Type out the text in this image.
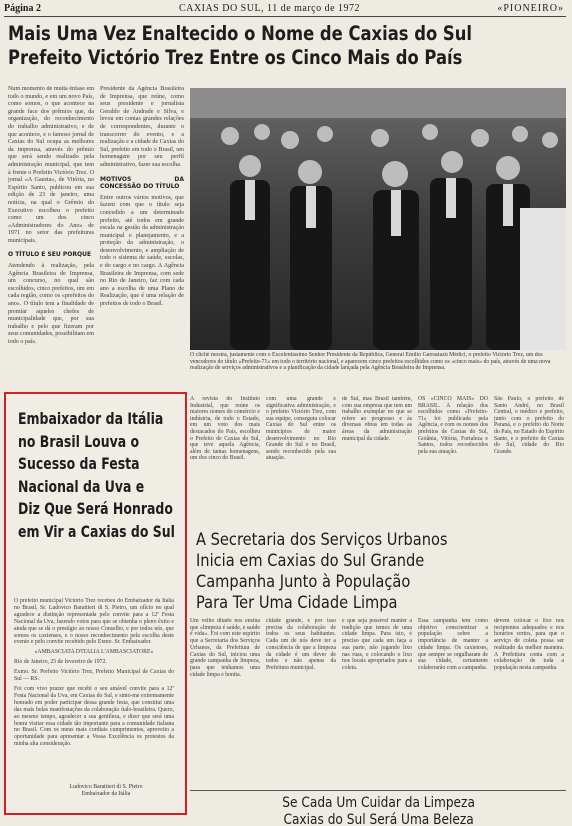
Página 2	CAXIAS DO SUL, 11 de março de 1972	«PIONEIRO»
Mais Uma Vez Enaltecido o Nome de Caxias do Sul
Prefeito Victório Trez Entre os Cinco Mais do País
Num momento de muita ênfase em todo o mundo, e em um novo País, como somos, o que acontece na grande face dos prêmios que, da organização, do reconhecimento do trabalho administrativo, e de que acontece, e o famoso jornal de Caxias do Sul ocupa as melhores da imprensa, através do prêmio que será sendo realizado pela administração municipal, que tem à frente o Prefeito Victório Trez. O jornal «A Gazeta», de Vitória, no Espírito Santo, publicou em sua edição de 23 de janeiro, uma notícia, na qual o Grêmio do Executivo escolheu o prefeito como um dos cinco «Administradores do Ano» de 1971 no setor das prefeituras municipais.
O TÍTULO E SEU PORQUE
Atendendo à realização, pela Agência Brasileira de Imprensa, um concurso, no qual são escolhidos, cinco prefeitos, um em cada região, como os «prefeitos do ano». O título tem a finalidade de premiar aqueles chefes de municipalidade que, por sua trabalho e pelo que fizeram por seus comunidades, possibilitam em todo o país.
Presidente da Agência Brasileira de Imprensa, que reúne, como seus presidente e jornalista Geraldo de Andrade e Silva, e levou em contas grandes relações de correspondentes, durante o transcorrer do evento, e a realização e a cidade de Caxias do Sul, prefeito em todo o Brasil, um homenagem por seu perfil administrativo, fazer sua escolha.
MOTIVOS DA CONCESSÃO DO TÍTULO
Entre outros vários motivos, que fazem com que o título seja concedido a um determinado prefeito, até todos em grande escala na gestão da administração municipal o planejamento, e a proteção da administração, o desenvolvimento, e ampliação de todo o sistema de saúde, escolas, e do cargo e no cargo. A Agência Brasileira de Imprensa, com sede no Rio de Janeiro, faz com cada ano a escolha de uma Plano de Realização, que é uma relação de prefeitos de todo o Brasil.
O clichê mostra, justamente com o Excelentíssimo Senhor Presidente da República, General Emílio Garrastazú Médici, o prefeito Victório Trez, um dos vencedores do título «Prefeito-71» em todo o território nacional, e aparecem cinco prefeitos escolhidos como os «cinco mais» do país, através de uma nova realização de serviços administrativos e a planificação da cidade lançada pela Agência Brasileira de Imprensa.
Embaixador da Itália
no Brasil Louva o
Sucesso da Festa
Nacional da Uva e
Diz Que Será Honrado
em Vir a Caxias do Sul

O prefeito municipal Victório Trez recebeu do Embaixador da Itália no Brasil, Sr. Ludovico Barattieri di S. Pietro, um ofício no qual agradece a distinção representada pelo convite para a 12ª Festa Nacional da Uva, fazendo votos para que se obtenha o pleno êxito e ainda que se dá o prestígio ao nosso Conselho, e por todos nós, que somos os caxienses, e o nosso reconhecimento pela escolha deste evento e pelo convite recebido pelo Exmo. Sr. Embaixador.

«AMBASCIATA D'ITALIA L'AMBASCIATORE»

Rio de Janeiro, 25 de fevereiro de 1972.

Exmo. Sr. Prefeito Victório Trez, Prefeito Municipal de Caxias do Sul — RS.

Foi com vivo prazer que recebi o seu amável convite para a 12ª Festa Nacional da Uva, em Caxias do Sul, e sinto-me extremamente honrado em poder participar dessa grande festa, que constitui uma das mais belas manifestações da colaboração ítalo-brasileira. Quero, ao mesmo tempo, agradecer a sua gentileza, e dizer que será uma honra visitar essa cidade tão importante para a comunidade italiana no Brasil. Com os meus mais cordiais cumprimentos, aproveito a oportunidade para apresentar a Vossa Excelência os protestos da minha alta consideração.

Ludovico Barattieri di S. Pietro
Embaixador da Itália
A revista do Instituto Industrial, que reúne os maiores nomes do comércio e indústria, de todo o Estado, em um voto dos mais destacados do País, escolheu o Prefeito de Caxias do Sul, que teve aquela Agência, além de tantas homenagens, um dos cinco do Brasil.
com uma grande e significativa administração, e o prefeito Victório Trez, com sua equipe, conseguiu colocar Caxias do Sul entre os municípios de maior desenvolvimento no Rio Grande do Sul e no Brasil, sendo reconhecido pela sua atuação.
de Sul, mas Brasil também, com sua empresa que tem um trabalho exemplar no que se refere ao progresso e às diversas obras em todas as áreas da administração municipal da cidade.
OS «CINCO MAIS» DO BRASIL. A relação dos escolhidos como «Prefeito-71» foi publicada pela Agência, e com os nomes dos prefeitos de Caxias do Sul, Goiânia, Vitória, Fortaleza e Santos, todos reconhecidos pela sua atuação.
São Paulo, o prefeito de Santo André, no Brasil Central, o médico e prefeito, junto com o prefeito do Paraná, e o prefeito do Norte do País, no Estado do Espírito Santo, e o prefeito de Caxias do Sul, cidade do Rio Grande.
A Secretaria dos Serviços Urbanos
Inicia em Caxias do Sul Grande
Campanha Junto à População
Para Ter Uma Cidade Limpa
Um velho ditado nos ensina que «limpeza é saúde, e saúde é vida». Foi com este espírito que a Secretaria dos Serviços Urbanos, da Prefeitura de Caxias do Sul, iniciou uma grande campanha de limpeza, para que tenhamos uma cidade limpa e bonita.
cidade grande, e por isso precisa da colaboração de todos os seus habitantes. Cada um de nós deve ter a consciência de que a limpeza da cidade é um dever de todos e não apenas da Prefeitura municipal.
e que seja possível manter a tradição que temos de uma cidade limpa. Para isto, é preciso que cada um faça a sua parte, não jogando lixo nas ruas, e colocando o lixo nos locais apropriados para a coleta.
Essa campanha tem como objetivo conscientizar a população sobre a importância de manter a cidade limpa. Os caxienses, que sempre se orgulharam de sua cidade, certamente colaborarão com a campanha.
devem colocar o lixo nos recipientes adequados e nos horários certos, para que o serviço de coleta possa ser realizado da melhor maneira. A Prefeitura conta com a colaboração de toda a população nesta campanha.
Se Cada Um Cuidar da Limpeza
Caxias do Sul Será Uma Beleza
